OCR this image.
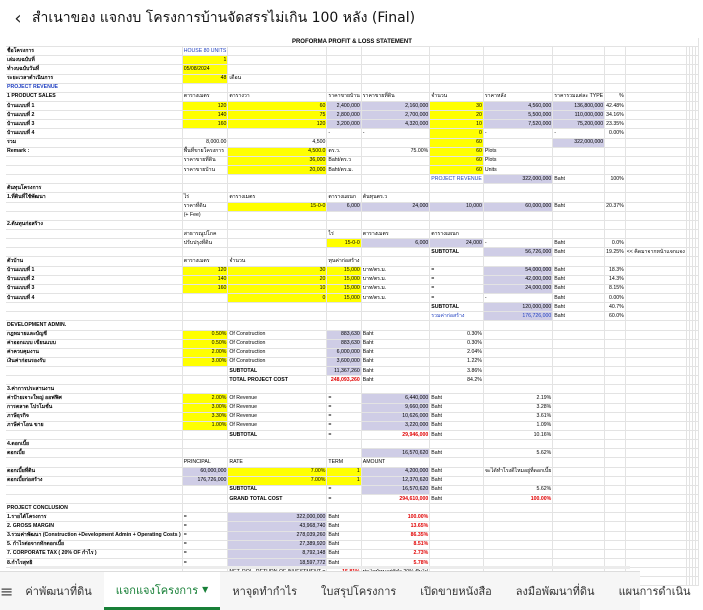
‹ สำเนาของ แจกงบ โครงการบ้านจัดสรรไม่เกิน 100 หลัง (Final)
PROFORMA PROFIT & LOSS STATEMENT													
ชื่อโครงการ	HOUSE 80 UNITS												
เล่มงบฉบับที่	1												
ทำงบฉบับวันที่	05/08/2024												
ระยะเวลาดำเนินการ	48	เดือน											
PROJECT REVENUE													
1 PRODUCT SALES	ตารางเมตร	ตารางวา	ราคาขายบ้าน	ราคาขายที่ดิน	จำนวน	ราคาหลัง	ราคารวมแต่ละ TYPE	%					
บ้านแบบที่ 1	120	60	2,400,000	2,160,000	30	4,560,000	136,800,000	42.48%					
บ้านแบบที่ 2	140	75	2,800,000	2,700,000	20	5,500,000	110,000,000	34.16%					
บ้านแบบที่ 3	160	120	3,200,000	4,320,000	10	7,520,000	75,200,000	23.35%					
บ้านแบบที่ 4			-	-	0	-	-	0.00%					
รวม	8,000.00	4,500			60		322,000,000						
Remark :	พื้นที่ขายโครงการ	4,500.0	ตร.ว.	75.00%	60	Plots							
	ราคาขายที่ดิน	36,000	Baht/ตร.ว		60	Plots							
	ราคาขายบ้าน	20,000	Baht/ตร.ม.		60	Units							
					PROJECT REVENUE	322,000,000	Baht	100%					
ต้นทุนโครงการ													
1.ที่ดินที่ใช้พัฒนา	ไร่	ตารางเมตร	ตารางแผนก	ต้นทุนตร.ว									
	ราคาที่ดิน	15-0-0	6,000	24,000	10,000	60,000,000	Baht	20.37%					
	(+ Fee)												
2.ต้นทุนก่อสร้าง													
	สาธารณูปโภค		ไร่	ตารางเมตร	ตารางแผนก								
	ปรับปรุงที่ดิน		15-0-0	6,000	24,000	-	Baht	0.0%					
					SUBTOTAL	56,726,000	Baht	19.25%	<< คิดมาจากหน้าแจกแจง				
ตัวบ้าน	ตารางเมตร	จำนวน	ทุนค่าก่อสร้าง										
บ้านแบบที่ 1	120	30	15,000	บาท/ตร.ม.	=	54,000,000	Baht	18.3%					
บ้านแบบที่ 2	140	20	15,000	บาท/ตร.ม.	=	42,000,000	Baht	14.3%					
บ้านแบบที่ 3	160	10	15,000	บาท/ตร.ม.	=	24,000,000	Baht	8.15%					
บ้านแบบที่ 4		0	15,000	บาท/ตร.ม.	=	-	Baht	0.00%					
					SUBTOTAL	120,000,000	Baht	40.7%					
					รวมค่าก่อสร้าง	176,726,000	Baht	60.0%					
DEVELOPMENT ADMIN.													
กฎหมายและบัญชี	0.50%	Of Construction	883,630	Baht	0.30%								
ค่าออกแบบ เขียนแบบ	0.50%	Of Construction	883,630	Baht	0.30%								
ค่าควบคุมงาน	2.00%	Of Construction	6,000,000	Baht	2.04%								
เงินค่าก่อนรองรับ	3.00%	Of Construction	3,600,000	Baht	1.22%								
		SUBTOTAL	11,367,260	Baht	3.86%								
		TOTAL PROJECT COST	248,093,260	Baht	84.2%								
3.ค่าการประสานงาน													
ค่าป้ายเจาะใหญ่ ออฟฟิศ	2.00%	Of Revenue	=	6,440,000	Baht	2.19%							
การตลาด โปรโมชั่น	3.00%	Of Revenue	=	9,660,000	Baht	3.28%							
ภาษีธุรกิจ	3.30%	Of Revenue	=	10,626,000	Baht	3.61%							
ภาษีค่าโอน ขาย	1.00%	Of Revenue	=	3,220,000	Baht	1.09%							
		SUBTOTAL	=	29,946,000	Baht	10.16%							
4.ดอกเบี้ย													
ดอกเบี้ย				16,570,620	Baht	5.62%							
	PRINCIPAL	RATE	TERM	AMOUNT									
ดอกเบี้ยที่ดิน	60,000,000	7.00%	1	4,200,000	Baht	จะได้ทำโรงดีไหมอยู่ที่ดอกเบี้ย							
ดอกเบี้ยก่อสร้าง	176,726,000	7.00%	1	12,370,620	Baht								
		SUBTOTAL	=	16,570,620	Baht	5.62%							
		GRAND TOTAL COST	=	294,610,000	Baht	100.00%							
PROJECT CONCLUSION													
1.รายได้โครงการ	=	322,000,000	Baht	100.00%									
2. GROSS MARGIN	=	43,968,740	Baht	13.65%									
3.รวมค่าพัฒนา (Construction +Development Admin + Operating Costs )	=	278,039,260	Baht	86.35%									
5. กำไรต่อจากทักดอกเบี้ย	=	27,389,920	Baht	8.51%									
7. CORPORATE TAX ( 20% OF กำไร )	=	8,792,148	Baht	2.73%									
8.กำไรสุทธิ	=	18,597,772	Baht	5.78%									

≡ ค่าพัฒนาที่ดิน แจกแจงโครงการ ▼ หาจุดทำกำไร ใบสรุปโครงการ เปิดขายหนังสือ ลงมือพัฒนาที่ดิน แผนการดำเนิน
